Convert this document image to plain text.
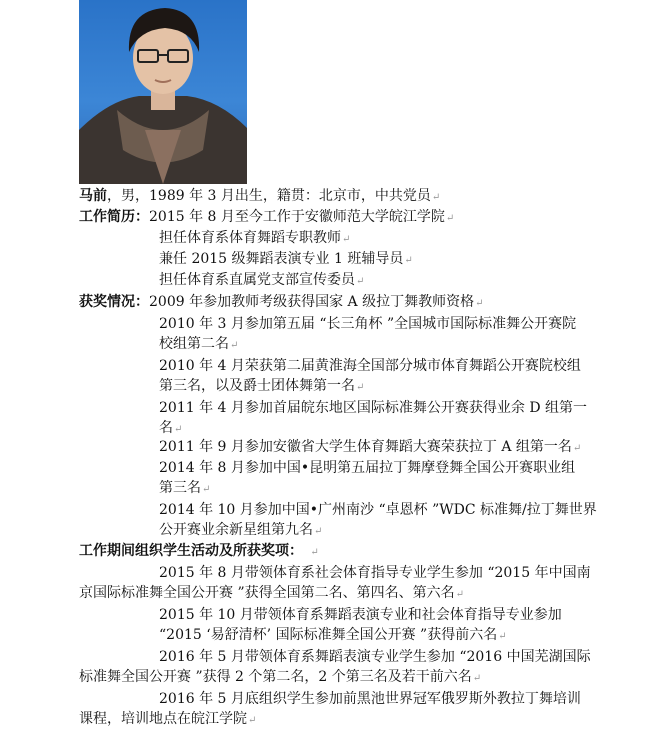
马前，男，1989 年 3 月出生，籍贯：北京市，中共党员↵
工作简历：2015 年 8 月至今工作于安徽师范大学皖江学院↵
担任体育系体育舞蹈专职教师↵
兼任 2015 级舞蹈表演专业 1 班辅导员↵
担任体育系直属党支部宣传委员↵
获奖情况：2009 年参加教师考级获得国家 A 级拉丁舞教师资格↵
2010 年 3 月参加第五届 “长三角杯 ”全国城市国际标准舞公开赛院
校组第二名↵
2010 年 4 月荣获第二届黄淮海全国部分城市体育舞蹈公开赛院校组
第三名，以及爵士团体舞第一名↵
2011 年 4 月参加首届皖东地区国际标准舞公开赛获得业余 D 组第一
名↵
2011 年 9 月参加安徽省大学生体育舞蹈大赛荣获拉丁 A 组第一名↵
2014 年 8 月参加中国•昆明第五届拉丁舞摩登舞全国公开赛职业组
第三名↵
2014 年 10 月参加中国•广州南沙 “卓恩杯 ”WDC 标准舞/拉丁舞世界
公开赛业余新星组第九名↵
工作期间组织学生活动及所获奖项：  ↵
2015 年 8 月带领体育系社会体育指导专业学生参加 “2015 年中国南
京国际标准舞全国公开赛 ”获得全国第二名、第四名、第六名↵
2015 年 10 月带领体育系舞蹈表演专业和社会体育指导专业参加
“2015 ‘易舒清杯’ 国际标准舞全国公开赛 ”获得前六名↵
2016 年 5 月带领体育系舞蹈表演专业学生参加 “2016 中国芜湖国际
标准舞全国公开赛 ”获得 2 个第二名，2 个第三名及若干前六名↵
2016 年 5 月底组织学生参加前黑池世界冠军俄罗斯外教拉丁舞培训
课程，培训地点在皖江学院↵
